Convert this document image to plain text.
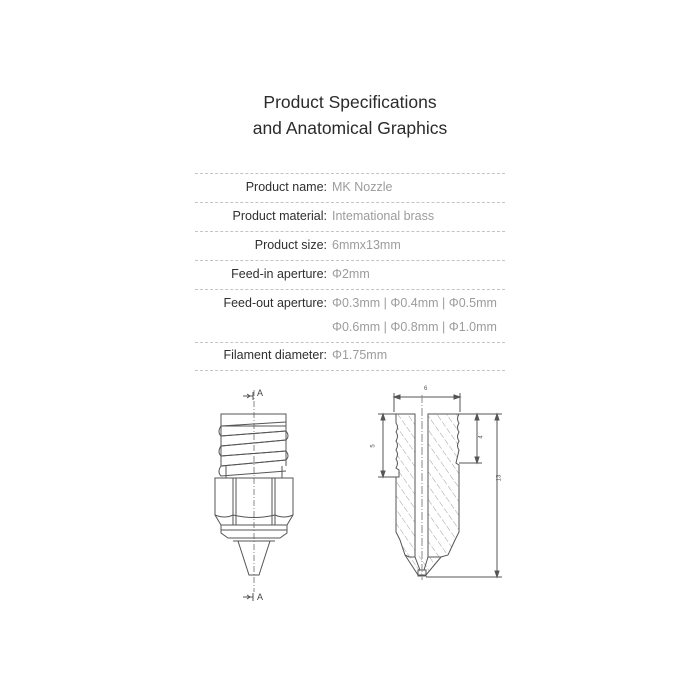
Product Specifications
and Anatomical Graphics
Product name: MK Nozzle
Product material: Intemational brass
Product size: 6mmx13mm
Feed-in aperture: Φ2mm
Feed-out aperture: Φ0.3mm | Φ0.4mm | Φ0.5mm
Φ0.6mm | Φ0.8mm | Φ1.0mm
Filament diameter: Φ1.75mm
A
A
6
5
4
13
